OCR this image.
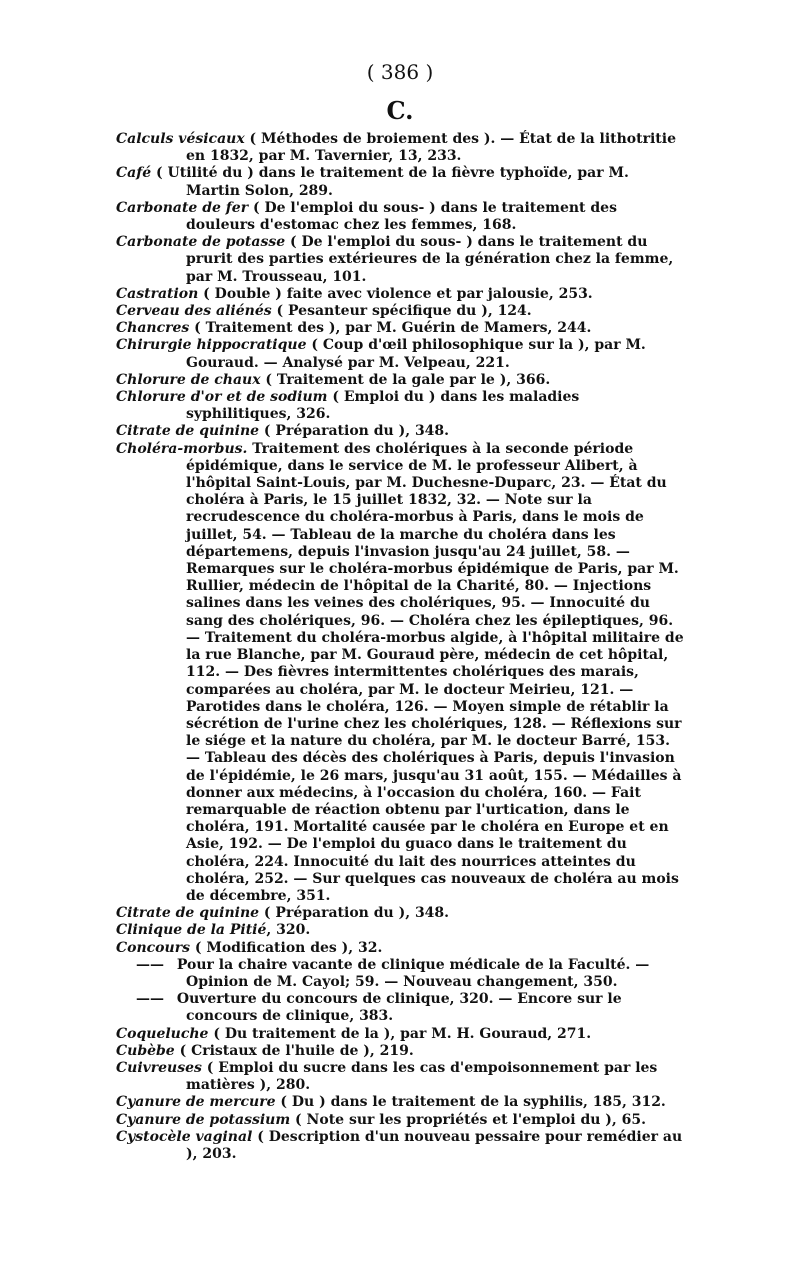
( 386 )
C.
Calculs vésicaux ( Méthodes de broiement des ). — État de la lithotritie en 1832, par M. Tavernier, 13, 233.
Café ( Utilité du ) dans le traitement de la fièvre typhoïde, par M. Martin Solon, 289.
Carbonate de fer ( De l'emploi du sous- ) dans le traitement des douleurs d'estomac chez les femmes, 168.
Carbonate de potasse ( De l'emploi du sous- ) dans le traitement du prurit des parties extérieures de la génération chez la femme, par M. Trousseau, 101.
Castration ( Double ) faite avec violence et par jalousie, 253.
Cerveau des aliénés ( Pesanteur spécifique du ), 124.
Chancres ( Traitement des ), par M. Guérin de Mamers, 244.
Chirurgie hippocratique ( Coup d'œil philosophique sur la ), par M. Gouraud. — Analysé par M. Velpeau, 221.
Chlorure de chaux ( Traitement de la gale par le ), 366.
Chlorure d'or et de sodium ( Emploi du ) dans les maladies syphilitiques, 326.
Citrate de quinine ( Préparation du ), 348.
Choléra-morbus. Traitement des cholériques à la seconde période épidémique, dans le service de M. le professeur Alibert, à l'hôpital Saint-Louis, par M. Duchesne-Duparc, 23. — État du choléra à Paris, le 15 juillet 1832, 32. — Note sur la recrudescence du choléra-morbus à Paris, dans le mois de juillet, 54. — Tableau de la marche du choléra dans les départemens, depuis l'invasion jusqu'au 24 juillet, 58. — Remarques sur le choléra-morbus épidémique de Paris, par M. Rullier, médecin de l'hôpital de la Charité, 80. — Injections salines dans les veines des cholériques, 95. — Innocuité du sang des cholériques, 96. — Choléra chez les épileptiques, 96. — Traitement du choléra-morbus algide, à l'hôpital militaire de la rue Blanche, par M. Gouraud père, médecin de cet hôpital, 112. — Des fièvres intermittentes cholériques des marais, comparées au choléra, par M. le docteur Meirieu, 121. — Parotides dans le choléra, 126. — Moyen simple de rétablir la sécrétion de l'urine chez les cholériques, 128. — Réflexions sur le siége et la nature du choléra, par M. le docteur Barré, 153. — Tableau des décès des cholériques à Paris, depuis l'invasion de l'épidémie, le 26 mars, jusqu'au 31 août, 155. — Médailles à donner aux médecins, à l'occasion du choléra, 160. — Fait remarquable de réaction obtenu par l'urtication, dans le choléra, 191. Mortalité causée par le choléra en Europe et en Asie, 192. — De l'emploi du guaco dans le traitement du choléra, 224. Innocuité du lait des nourrices atteintes du choléra, 252. — Sur quelques cas nouveaux de choléra au mois de décembre, 351.
Citrate de quinine ( Préparation du ), 348.
Clinique de la Pitié, 320.
Concours ( Modification des ), 32.
—— Pour la chaire vacante de clinique médicale de la Faculté. — Opinion de M. Cayol; 59. — Nouveau changement, 350.
—— Ouverture du concours de clinique, 320. — Encore sur le concours de clinique, 383.
Coqueluche ( Du traitement de la ), par M. H. Gouraud, 271.
Cubèbe ( Cristaux de l'huile de ), 219.
Cuivreuses ( Emploi du sucre dans les cas d'empoisonnement par les matières ), 280.
Cyanure de mercure ( Du ) dans le traitement de la syphilis, 185, 312.
Cyanure de potassium ( Note sur les propriétés et l'emploi du ), 65.
Cystocèle vaginal ( Description d'un nouveau pessaire pour remédier au ), 203.
